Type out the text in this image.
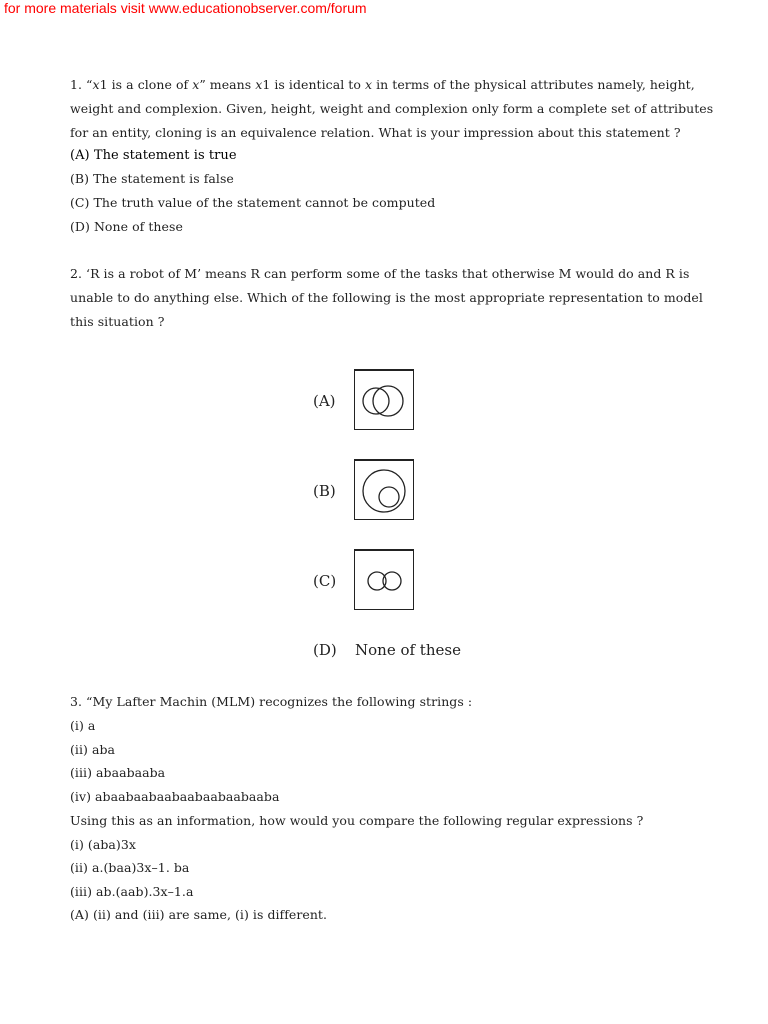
for more materials visit www.educationobserver.com/forum
1. “x1 is a clone of x” means x1 is identical to x in terms of the physical attributes namely, height,
weight and complexion. Given, height, weight and complexion only form a complete set of attributes
for an entity, cloning is an equivalence relation. What is your impression about this statement ?
(A) The statement is true
(B) The statement is false
(C) The truth value of the statement cannot be computed
(D) None of these
2. ‘R is a robot of M’ means R can perform some of the tasks that otherwise M would do and R is
unable to do anything else. Which of the following is the most appropriate representation to model
this situation ?
(A)
(B)
(C)
(D) None of these
3. “My Lafter Machin (MLM) recognizes the following strings :
(i) a
(ii) aba
(iii) abaabaaba
(iv) abaabaabaabaabaabaabaaba
Using this as an information, how would you compare the following regular expressions ?
(i) (aba)3x
(ii) a.(baa)3x–1. ba
(iii) ab.(aab).3x–1.a
(A) (ii) and (iii) are same, (i) is different.
